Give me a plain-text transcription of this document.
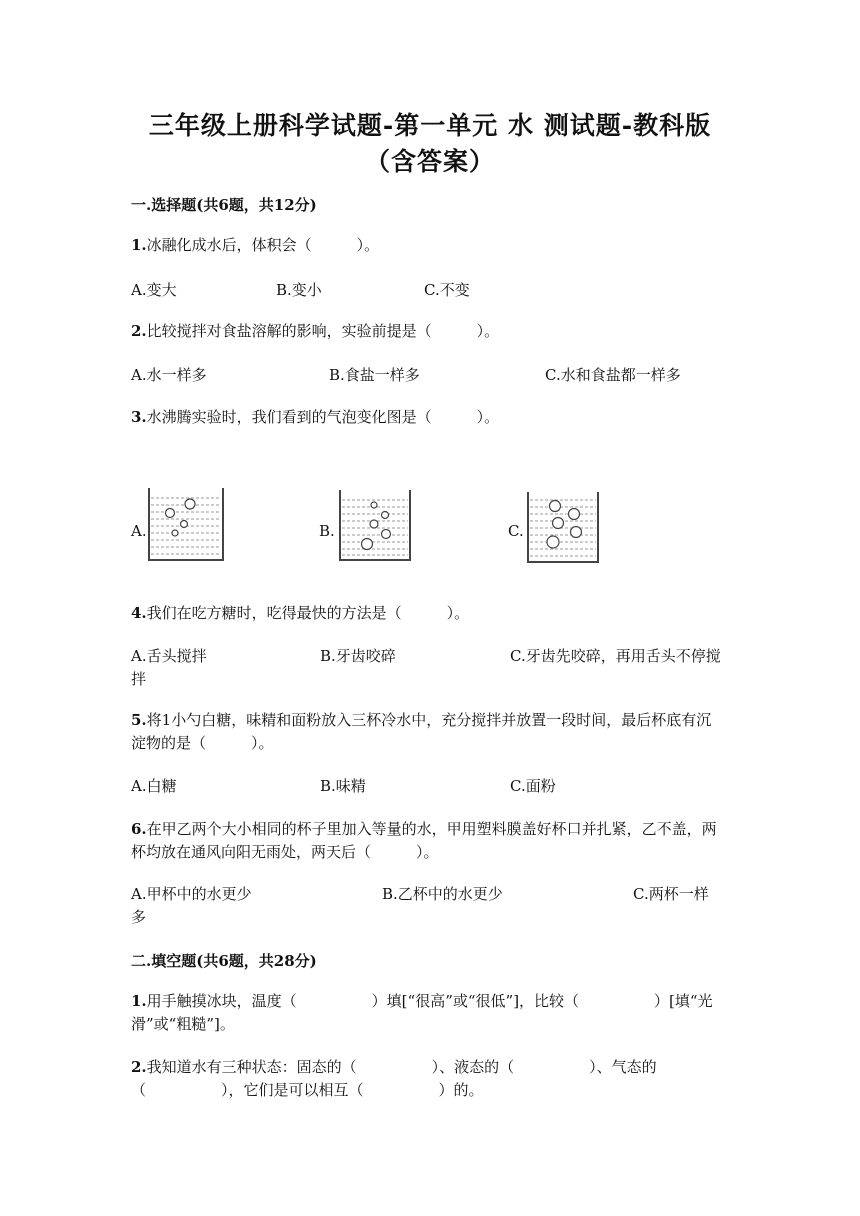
三年级上册科学试题-第一单元 水 测试题-教科版
（含答案）
一.选择题(共6题，共12分)
1.冰融化成水后，体积会（　　　）。
A.变大	B.变小	C.不变
2.比较搅拌对食盐溶解的影响，实验前提是（　　　）。
A.水一样多	B.食盐一样多	C.水和食盐都一样多
3.水沸腾实验时，我们看到的气泡变化图是（　　　）。
A.	B.	C.
4.我们在吃方糖时，吃得最快的方法是（　　　）。
A.舌头搅拌	B.牙齿咬碎	C.牙齿先咬碎，再用舌头不停搅拌
5.将1小勺白糖，味精和面粉放入三杯冷水中，充分搅拌并放置一段时间，最后杯底有沉淀物的是（　　　）。
A.白糖	B.味精	C.面粉
6.在甲乙两个大小相同的杯子里加入等量的水，甲用塑料膜盖好杯口并扎紧，乙不盖，两杯均放在通风向阳无雨处，两天后（　　　）。
A.甲杯中的水更少	B.乙杯中的水更少	C.两杯一样多
二.填空题(共6题，共28分)
1.用手触摸冰块，温度（　　　　　）填[“很高”或“很低”]，比较（　　　　　）[填“光滑”或“粗糙”]。
2.我知道水有三种状态：固态的（　　　　　）、液态的（　　　　　）、气态的（　　　　　），它们是可以相互（　　　　　）的。
